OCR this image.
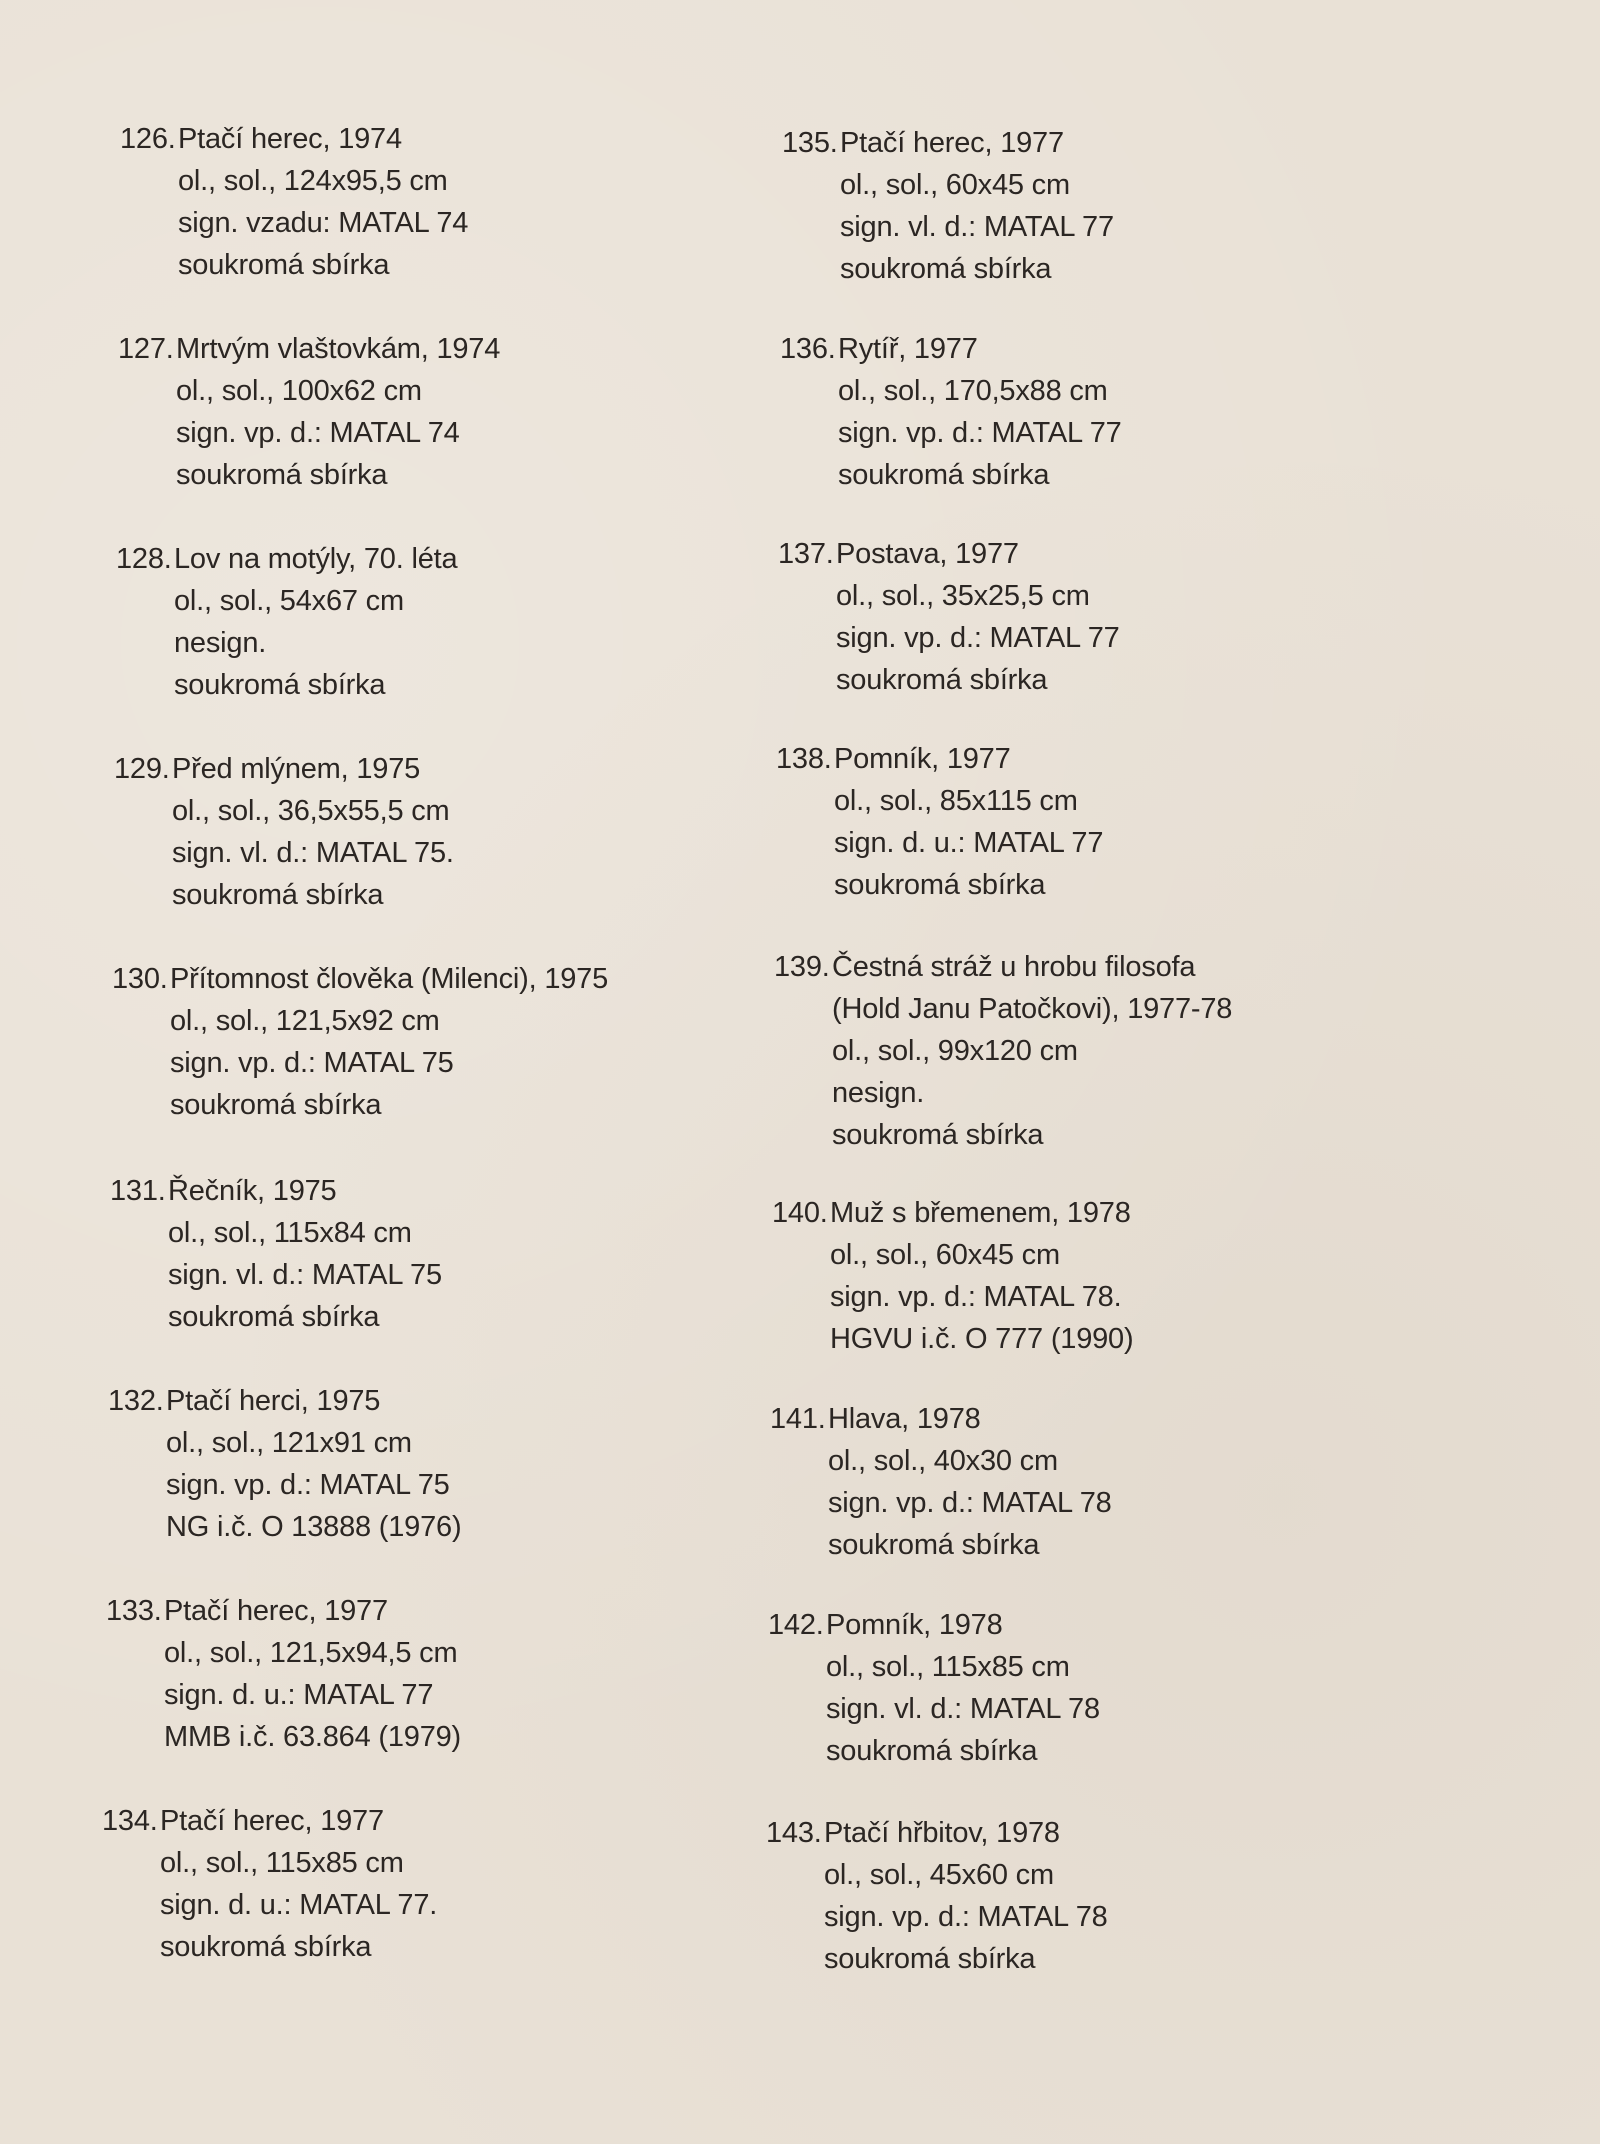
126.Ptačí herec, 1974
ol., sol., 124x95,5 cm
sign. vzadu: MATAL 74
soukromá sbírka
127.Mrtvým vlaštovkám, 1974
ol., sol., 100x62 cm
sign. vp. d.: MATAL 74
soukromá sbírka
128.Lov na motýly, 70. léta
ol., sol., 54x67 cm
nesign.
soukromá sbírka
129.Před mlýnem, 1975
ol., sol., 36,5x55,5 cm
sign. vl. d.: MATAL 75.
soukromá sbírka
130.Přítomnost člověka (Milenci), 1975
ol., sol., 121,5x92 cm
sign. vp. d.: MATAL 75
soukromá sbírka
131.Řečník, 1975
ol., sol., 115x84 cm
sign. vl. d.: MATAL 75
soukromá sbírka
132.Ptačí herci, 1975
ol., sol., 121x91 cm
sign. vp. d.: MATAL 75
NG i.č. O 13888 (1976)
133.Ptačí herec, 1977
ol., sol., 121,5x94,5 cm
sign. d. u.: MATAL 77
MMB i.č. 63.864 (1979)
134.Ptačí herec, 1977
ol., sol., 115x85 cm
sign. d. u.: MATAL 77.
soukromá sbírka
135.Ptačí herec, 1977
ol., sol., 60x45 cm
sign. vl. d.: MATAL 77
soukromá sbírka
136.Rytíř, 1977
ol., sol., 170,5x88 cm
sign. vp. d.: MATAL 77
soukromá sbírka
137.Postava, 1977
ol., sol., 35x25,5 cm
sign. vp. d.: MATAL 77
soukromá sbírka
138.Pomník, 1977
ol., sol., 85x115 cm
sign. d. u.: MATAL 77
soukromá sbírka
139.Čestná stráž u hrobu filosofa
(Hold Janu Patočkovi), 1977-78
ol., sol., 99x120 cm
nesign.
soukromá sbírka
140.Muž s břemenem, 1978
ol., sol., 60x45 cm
sign. vp. d.: MATAL 78.
HGVU i.č. O 777 (1990)
141.Hlava, 1978
ol., sol., 40x30 cm
sign. vp. d.: MATAL 78
soukromá sbírka
142.Pomník, 1978
ol., sol., 115x85 cm
sign. vl. d.: MATAL 78
soukromá sbírka
143.Ptačí hřbitov, 1978
ol., sol., 45x60 cm
sign. vp. d.: MATAL 78
soukromá sbírka
